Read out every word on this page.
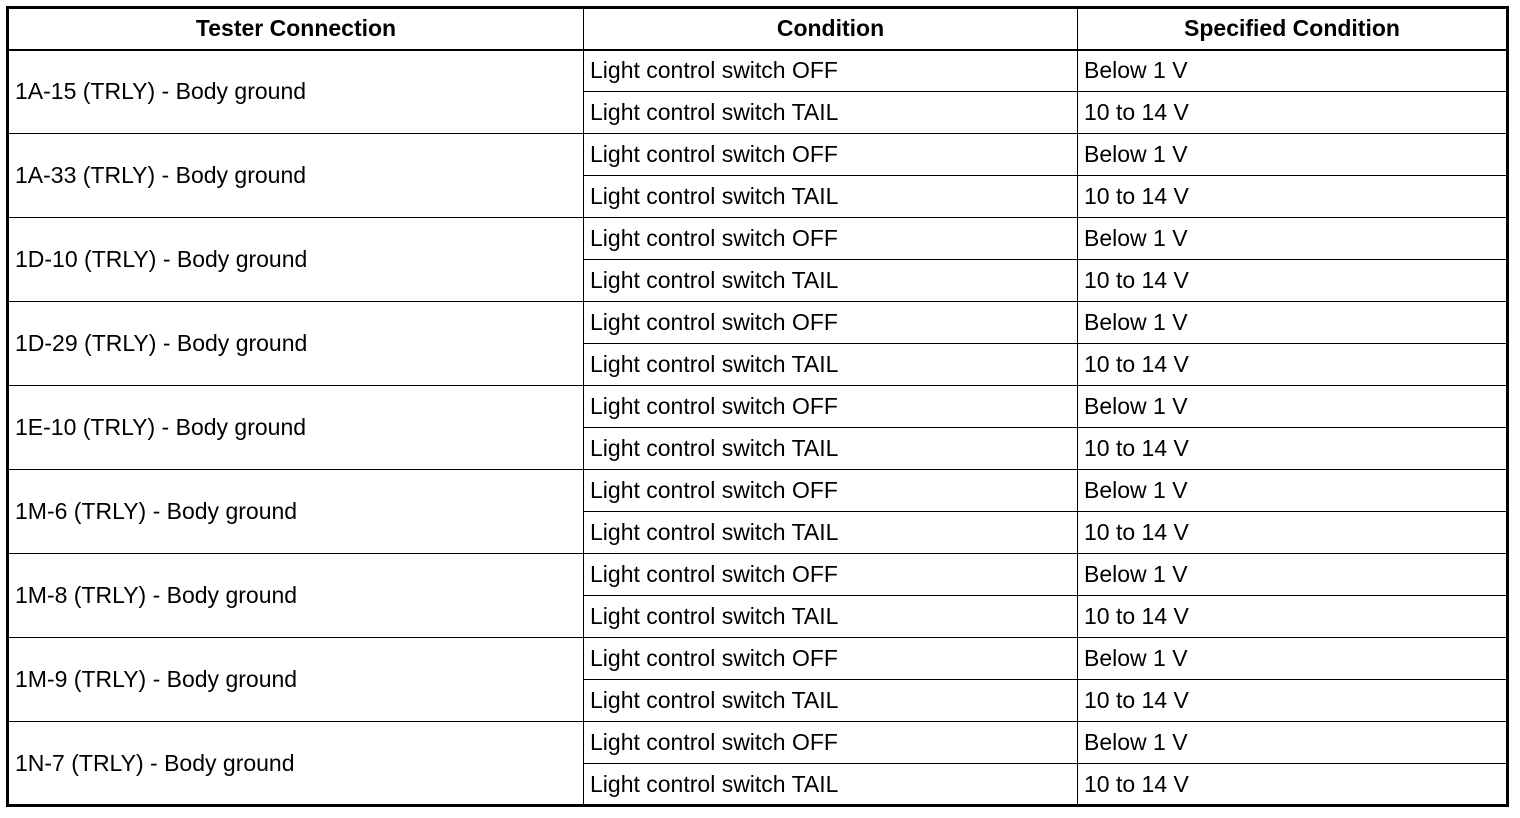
Tester Connection	Condition	Specified Condition
1A-15 (TRLY) - Body ground	Light control switch OFF	Below 1 V
	Light control switch TAIL	10 to 14 V
1A-33 (TRLY) - Body ground	Light control switch OFF	Below 1 V
	Light control switch TAIL	10 to 14 V
1D-10 (TRLY) - Body ground	Light control switch OFF	Below 1 V
	Light control switch TAIL	10 to 14 V
1D-29 (TRLY) - Body ground	Light control switch OFF	Below 1 V
	Light control switch TAIL	10 to 14 V
1E-10 (TRLY) - Body ground	Light control switch OFF	Below 1 V
	Light control switch TAIL	10 to 14 V
1M-6 (TRLY) - Body ground	Light control switch OFF	Below 1 V
	Light control switch TAIL	10 to 14 V
1M-8 (TRLY) - Body ground	Light control switch OFF	Below 1 V
	Light control switch TAIL	10 to 14 V
1M-9 (TRLY) - Body ground	Light control switch OFF	Below 1 V
	Light control switch TAIL	10 to 14 V
1N-7 (TRLY) - Body ground	Light control switch OFF	Below 1 V
	Light control switch TAIL	10 to 14 V
